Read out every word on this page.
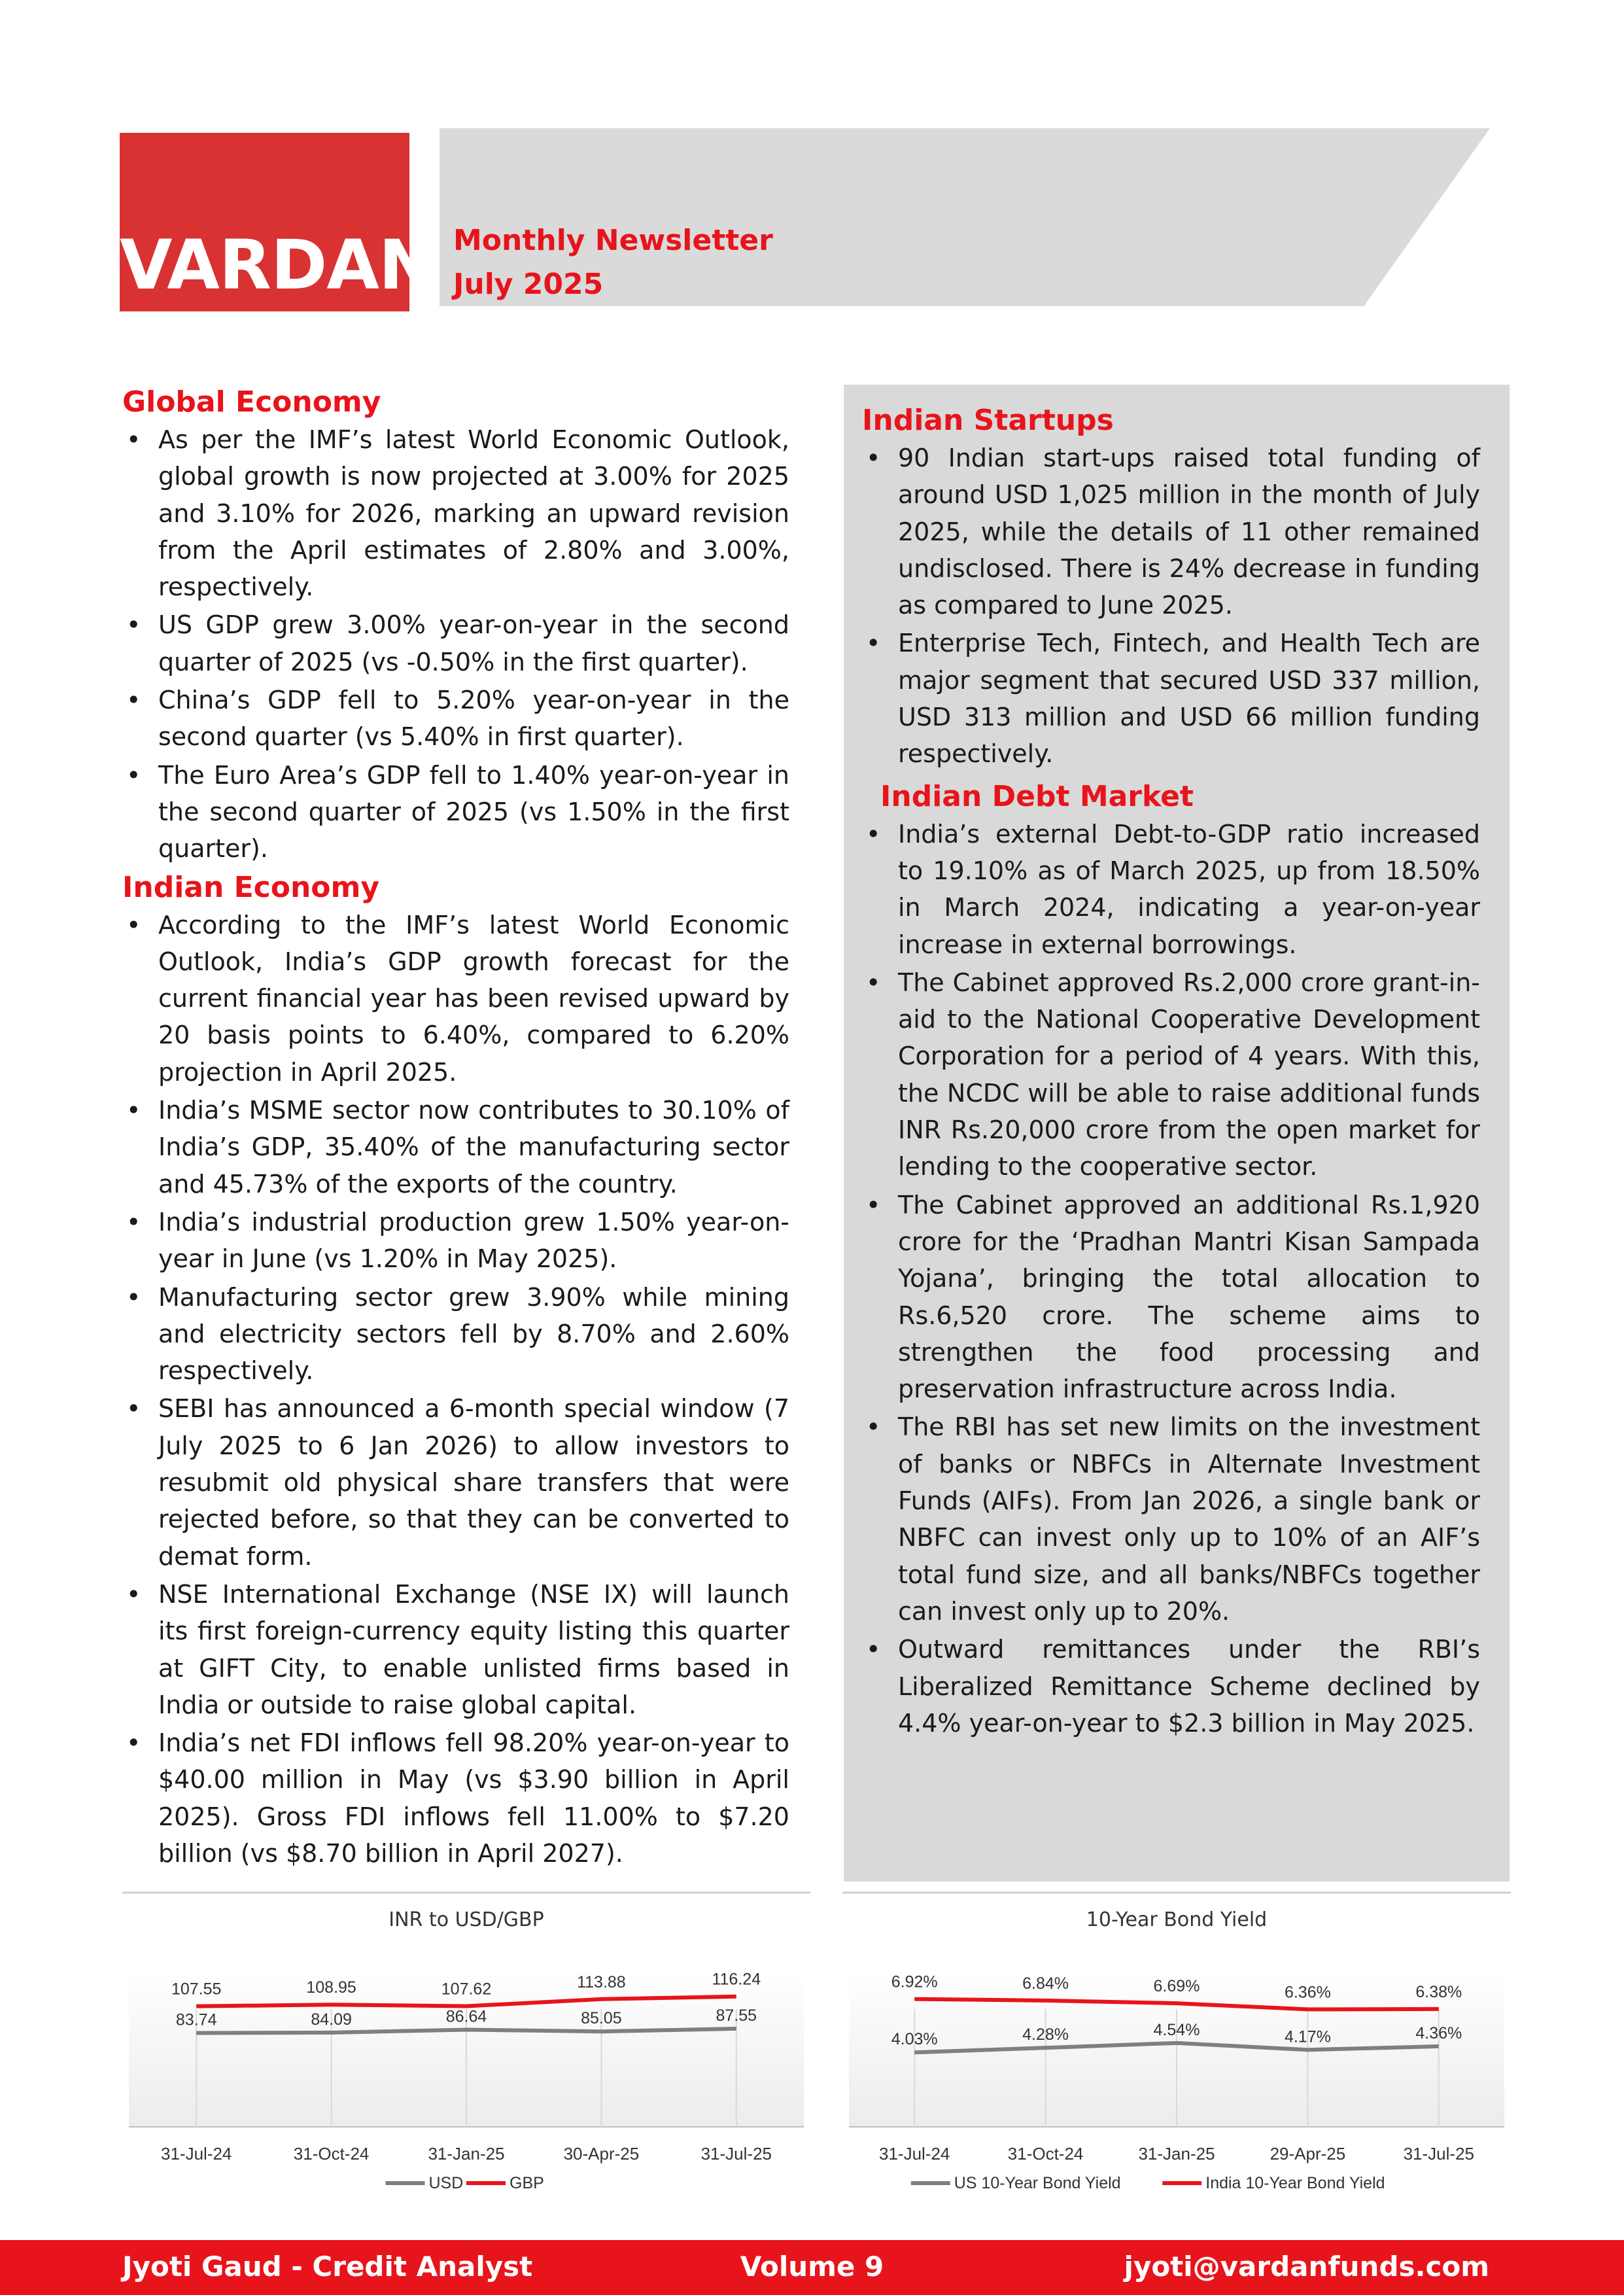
VARDAN Monthly Newsletter
July 2025
Global Economy
• As per the IMF’s latest World Economic Outlook, global growth is now projected at 3.00% for 2025 and 3.10% for 2026, marking an upward revision from the April estimates of 2.80% and 3.00%, respectively.
• US GDP grew 3.00% year-on-year in the second quarter of 2025 (vs -0.50% in the first quarter).
• China’s GDP fell to 5.20% year-on-year in the second quarter (vs 5.40% in first quarter).
• The Euro Area’s GDP fell to 1.40% year-on-year in the second quarter of 2025 (vs 1.50% in the first quarter).
Indian Economy
• According to the IMF’s latest World Economic Outlook, India’s GDP growth forecast for the current financial year has been revised upward by 20 basis points to 6.40%, compared to 6.20% projection in April 2025.
• India’s MSME sector now contributes to 30.10% of India’s GDP, 35.40% of the manufacturing sector and 45.73% of the exports of the country.
• India’s industrial production grew 1.50% year-on-year in June (vs 1.20% in May 2025).
• Manufacturing sector grew 3.90% while mining and electricity sectors fell by 8.70% and 2.60% respectively.
• SEBI has announced a 6-month special window (7 July 2025 to 6 Jan 2026) to allow investors to resubmit old physical share transfers that were rejected before, so that they can be converted to demat form.
• NSE International Exchange (NSE IX) will launch its first foreign-currency equity listing this quarter at GIFT City, to enable unlisted firms based in India or outside to raise global capital.
• India’s net FDI inflows fell 98.20% year-on-year to $40.00 million in May (vs $3.90 billion in April 2025). Gross FDI inflows fell 11.00% to $7.20 billion (vs $8.70 billion in April 2027).
Indian Startups
• 90 Indian start-ups raised total funding of around USD 1,025 million in the month of July 2025, while the details of 11 other remained undisclosed. There is 24% decrease in funding as compared to June 2025.
• Enterprise Tech, Fintech, and Health Tech are major segment that secured USD 337 million, USD 313 million and USD 66 million funding respectively.
Indian Debt Market
• India’s external Debt-to-GDP ratio increased to 19.10% as of March 2025, up from 18.50% in March 2024, indicating a year-on-year increase in external borrowings.
• The Cabinet approved Rs.2,000 crore grant-in-aid to the National Cooperative Development Corporation for a period of 4 years. With this, the NCDC will be able to raise additional funds INR Rs.20,000 crore from the open market for lending to the cooperative sector.
• The Cabinet approved an additional Rs.1,920 crore for the ‘Pradhan Mantri Kisan Sampada Yojana’, bringing the total allocation to Rs.6,520 crore. The scheme aims to strengthen the food processing and preservation infrastructure across India.
• The RBI has set new limits on the investment of banks or NBFCs in Alternate Investment Funds (AIFs). From Jan 2026, a single bank or NBFC can invest only up to 10% of an AIF’s total fund size, and all banks/NBFCs together can invest only up to 20%.
• Outward remittances under the RBI’s Liberalized Remittance Scheme declined by 4.4% year-on-year to $2.3 billion in May 2025.
INR to USD/GBP
31-Jul-24	31-Oct-24	31-Jan-25	30-Apr-25	31-Jul-25
83.74	84.09	86.64	85.05	87.55
107.55	108.95	107.62	113.88	116.24
USD	GBP
10-Year Bond Yield
31-Jul-24	31-Oct-24	31-Jan-25	29-Apr-25	31-Jul-25
4.03%	4.28%	4.54%	4.17%	4.36%
6.92%	6.84%	6.69%	6.36%	6.38%
US 10-Year Bond Yield	India 10-Year Bond Yield
Jyoti Gaud - Credit Analyst	Volume 9	jyoti@vardanfunds.com
